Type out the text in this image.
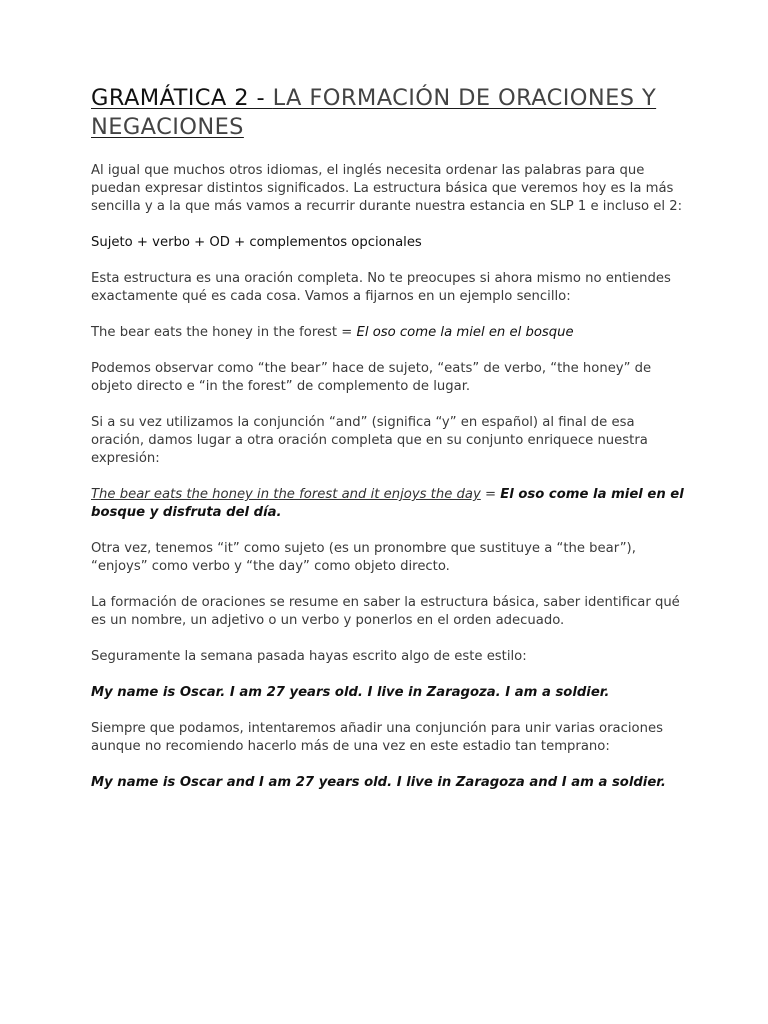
GRAMÁTICA 2 - LA FORMACIÓN DE ORACIONES Y NEGACIONES

Al igual que muchos otros idiomas, el inglés necesita ordenar las palabras para que puedan expresar distintos significados. La estructura básica que veremos hoy es la más sencilla y a la que más vamos a recurrir durante nuestra estancia en SLP 1 e incluso el 2:

Sujeto + verbo + OD + complementos opcionales

Esta estructura es una oración completa. No te preocupes si ahora mismo no entiendes exactamente qué es cada cosa. Vamos a fijarnos en un ejemplo sencillo:

The bear eats the honey in the forest = El oso come la miel en el bosque

Podemos observar como “the bear” hace de sujeto, “eats” de verbo, “the honey” de objeto directo e “in the forest” de complemento de lugar.

Si a su vez utilizamos la conjunción “and” (significa “y” en español) al final de esa oración, damos lugar a otra oración completa que en su conjunto enriquece nuestra expresión:

The bear eats the honey in the forest and it enjoys the day = El oso come la miel en el bosque y disfruta del día.

Otra vez, tenemos “it” como sujeto (es un pronombre que sustituye a “the bear”), “enjoys” como verbo y “the day” como objeto directo.

La formación de oraciones se resume en saber la estructura básica, saber identificar qué es un nombre, un adjetivo o un verbo y ponerlos en el orden adecuado.

Seguramente la semana pasada hayas escrito algo de este estilo:

My name is Oscar. I am 27 years old. I live in Zaragoza. I am a soldier.

Siempre que podamos, intentaremos añadir una conjunción para unir varias oraciones aunque no recomiendo hacerlo más de una vez en este estadio tan temprano:

My name is Oscar and I am 27 years old. I live in Zaragoza and I am a soldier.
